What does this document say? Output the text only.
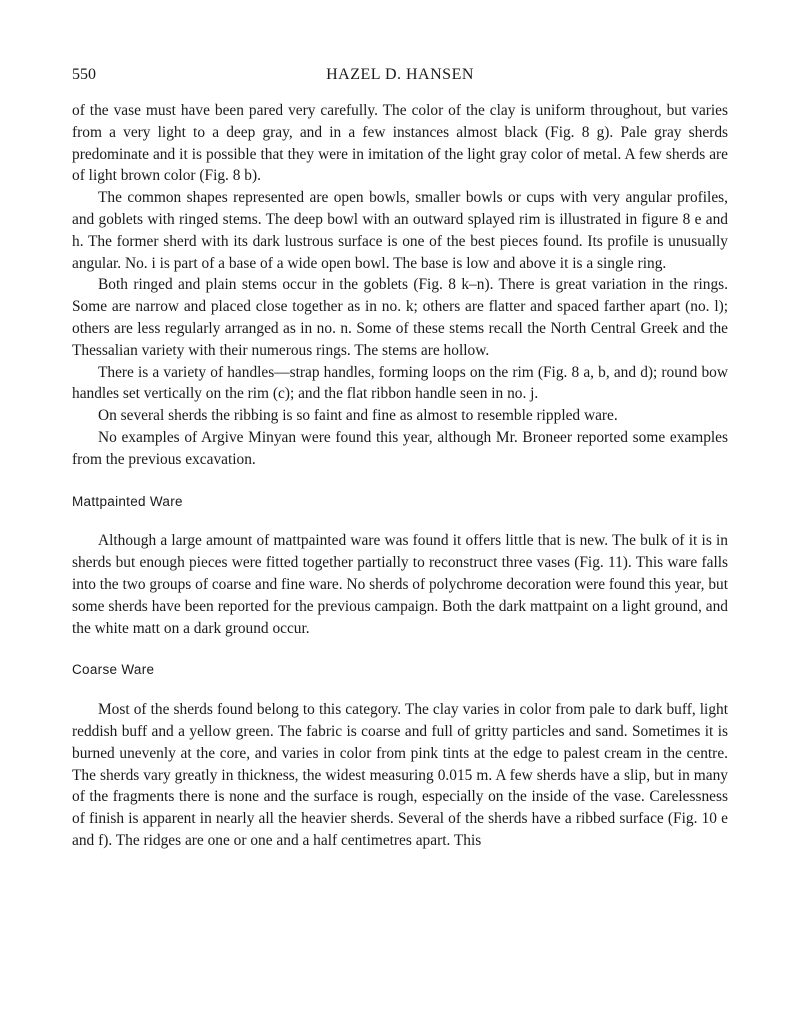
550	HAZEL D. HANSEN

of the vase must have been pared very carefully. The color of the clay is uniform throughout, but varies from a very light to a deep gray, and in a few instances almost black (Fig. 8 g). Pale gray sherds predominate and it is possible that they were in imitation of the light gray color of metal. A few sherds are of light brown color (Fig. 8 b).

The common shapes represented are open bowls, smaller bowls or cups with very angular profiles, and goblets with ringed stems. The deep bowl with an outward splayed rim is illustrated in figure 8 e and h. The former sherd with its dark lustrous surface is one of the best pieces found. Its profile is unusually angular. No. i is part of a base of a wide open bowl. The base is low and above it is a single ring.

Both ringed and plain stems occur in the goblets (Fig. 8 k–n). There is great variation in the rings. Some are narrow and placed close together as in no. k; others are flatter and spaced farther apart (no. l); others are less regularly arranged as in no. n. Some of these stems recall the North Central Greek and the Thessalian variety with their numerous rings. The stems are hollow.

There is a variety of handles—strap handles, forming loops on the rim (Fig. 8 a, b, and d); round bow handles set vertically on the rim (c); and the flat ribbon handle seen in no. j.

On several sherds the ribbing is so faint and fine as almost to resemble rippled ware.

No examples of Argive Minyan were found this year, although Mr. Broneer reported some examples from the previous excavation.

Mattpainted Ware

Although a large amount of mattpainted ware was found it offers little that is new. The bulk of it is in sherds but enough pieces were fitted together partially to reconstruct three vases (Fig. 11). This ware falls into the two groups of coarse and fine ware. No sherds of polychrome decoration were found this year, but some sherds have been reported for the previous campaign. Both the dark mattpaint on a light ground, and the white matt on a dark ground occur.

Coarse Ware

Most of the sherds found belong to this category. The clay varies in color from pale to dark buff, light reddish buff and a yellow green. The fabric is coarse and full of gritty particles and sand. Sometimes it is burned unevenly at the core, and varies in color from pink tints at the edge to palest cream in the centre. The sherds vary greatly in thickness, the widest measuring 0.015 m. A few sherds have a slip, but in many of the fragments there is none and the surface is rough, especially on the inside of the vase. Carelessness of finish is apparent in nearly all the heavier sherds. Several of the sherds have a ribbed surface (Fig. 10 e and f). The ridges are one or one and a half centimetres apart. This
